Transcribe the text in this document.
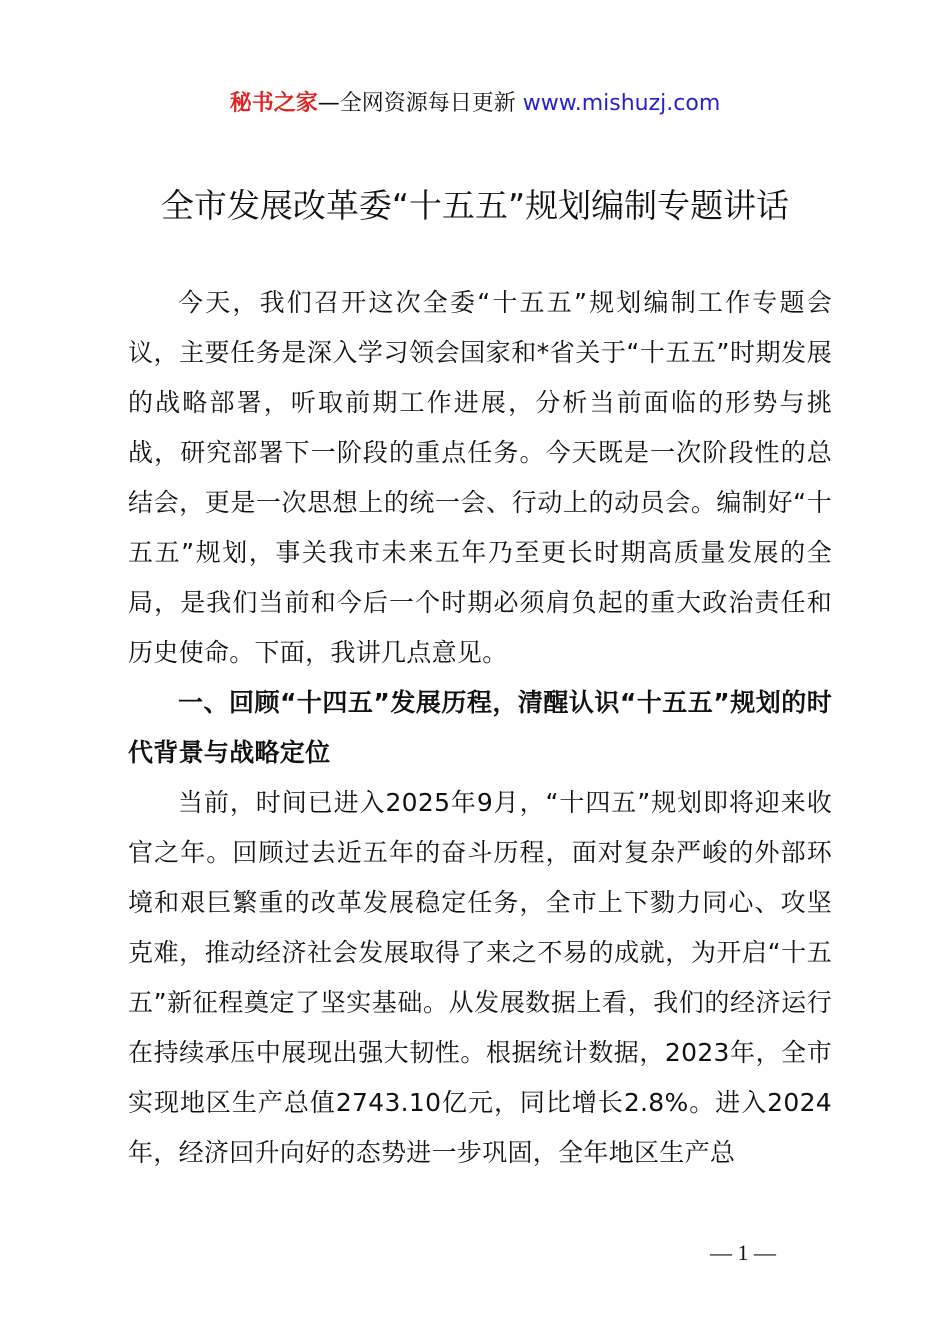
秘书之家—全网资源每日更新 www.mishuzj.com
全市发展改革委“十五五”规划编制专题讲话

今天，我们召开这次全委“十五五”规划编制工作专题会议，主要任务是深入学习领会国家和*省关于“十五五”时期发展的战略部署，听取前期工作进展，分析当前面临的形势与挑战，研究部署下一阶段的重点任务。今天既是一次阶段性的总结会，更是一次思想上的统一会、行动上的动员会。编制好“十五五”规划，事关我市未来五年乃至更长时期高质量发展的全局，是我们当前和今后一个时期必须肩负起的重大政治责任和历史使命。下面，我讲几点意见。

一、回顾“十四五”发展历程，清醒认识“十五五”规划的时代背景与战略定位

当前，时间已进入2025年9月，“十四五”规划即将迎来收官之年。回顾过去近五年的奋斗历程，面对复杂严峻的外部环境和艰巨繁重的改革发展稳定任务，全市上下勠力同心、攻坚克难，推动经济社会发展取得了来之不易的成就，为开启“十五五”新征程奠定了坚实基础。从发展数据上看，我们的经济运行在持续承压中展现出强大韧性。根据统计数据，2023年，全市实现地区生产总值2743.10亿元，同比增长2.8%。进入2024年，经济回升向好的态势进一步巩固，全年地区生产总

— 1 —
